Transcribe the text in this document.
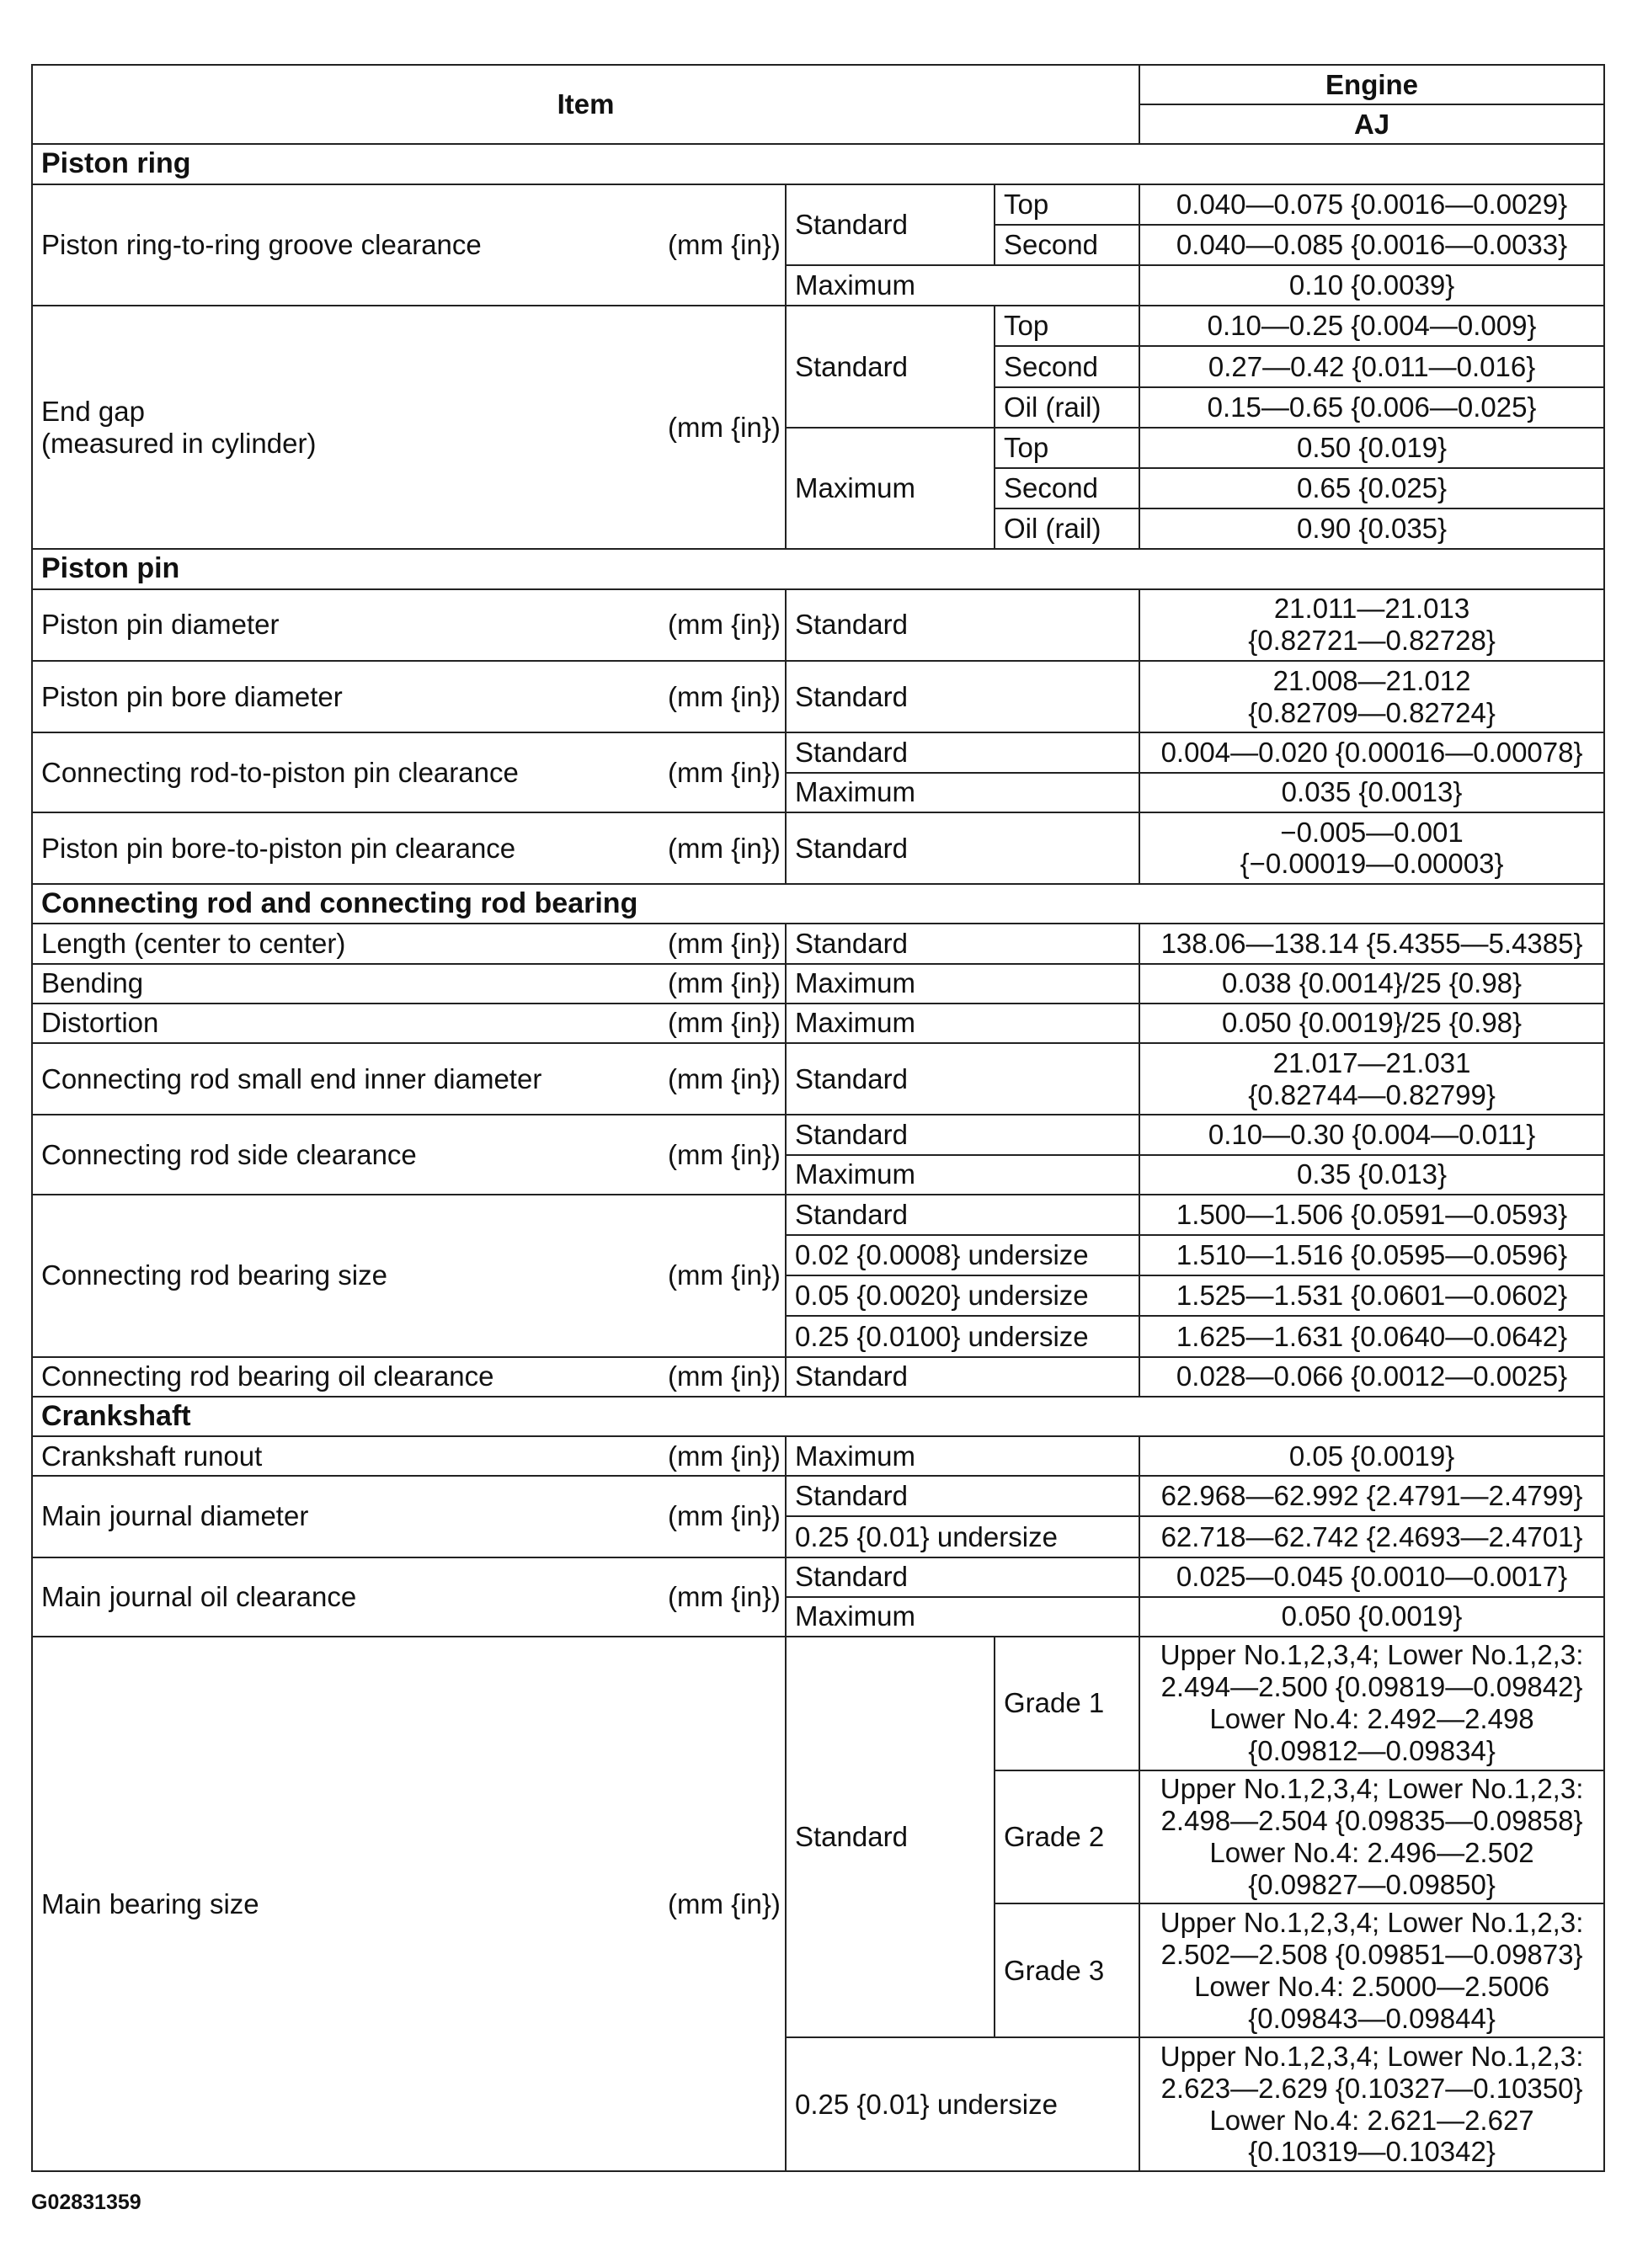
Item				Engine
				AJ
Piston ring				
Piston ring-to-ring groove clearance	(mm {in})	Standard	Top	0.040—0.075 {0.0016—0.0029}
			Second	0.040—0.085 {0.0016—0.0033}
		Maximum		0.10 {0.0039}
End gap
(measured in cylinder)	(mm {in})	Standard	Top	0.10—0.25 {0.004—0.009}
			Second	0.27—0.42 {0.011—0.016}
			Oil (rail)	0.15—0.65 {0.006—0.025}
		Maximum	Top	0.50 {0.019}
			Second	0.65 {0.025}
			Oil (rail)	0.90 {0.035}
Piston pin				
Piston pin diameter	(mm {in})	Standard		21.011—21.013
{0.82721—0.82728}
Piston pin bore diameter	(mm {in})	Standard		21.008—21.012
{0.82709—0.82724}
Connecting rod-to-piston pin clearance	(mm {in})	Standard		0.004—0.020 {0.00016—0.00078}
		Maximum		0.035 {0.0013}
Piston pin bore-to-piston pin clearance	(mm {in})	Standard		−0.005—0.001
{−0.00019—0.00003}
Connecting rod and connecting rod bearing				
Length (center to center)	(mm {in})	Standard		138.06—138.14 {5.4355—5.4385}
Bending	(mm {in})	Maximum		0.038 {0.0014}/25 {0.98}
Distortion	(mm {in})	Maximum		0.050 {0.0019}/25 {0.98}
Connecting rod small end inner diameter	(mm {in})	Standard		21.017—21.031
{0.82744—0.82799}
Connecting rod side clearance	(mm {in})	Standard		0.10—0.30 {0.004—0.011}
		Maximum		0.35 {0.013}
Connecting rod bearing size	(mm {in})	Standard		1.500—1.506 {0.0591—0.0593}
		0.02 {0.0008} undersize		1.510—1.516 {0.0595—0.0596}
		0.05 {0.0020} undersize		1.525—1.531 {0.0601—0.0602}
		0.25 {0.0100} undersize		1.625—1.631 {0.0640—0.0642}
Connecting rod bearing oil clearance	(mm {in})	Standard		0.028—0.066 {0.0012—0.0025}
Crankshaft				
Crankshaft runout	(mm {in})	Maximum		0.05 {0.0019}
Main journal diameter	(mm {in})	Standard		62.968—62.992 {2.4791—2.4799}
		0.25 {0.01} undersize		62.718—62.742 {2.4693—2.4701}
Main journal oil clearance	(mm {in})	Standard		0.025—0.045 {0.0010—0.0017}
		Maximum		0.050 {0.0019}
Main bearing size	(mm {in})	Standard	Grade 1	Upper No.1,2,3,4; Lower No.1,2,3:
2.494—2.500 {0.09819—0.09842}
Lower No.4: 2.492—2.498
{0.09812—0.09834}
			Grade 2	Upper No.1,2,3,4; Lower No.1,2,3:
2.498—2.504 {0.09835—0.09858}
Lower No.4: 2.496—2.502
{0.09827—0.09850}
			Grade 3	Upper No.1,2,3,4; Lower No.1,2,3:
2.502—2.508 {0.09851—0.09873}
Lower No.4: 2.5000—2.5006
{0.09843—0.09844}
		0.25 {0.01} undersize		Upper No.1,2,3,4; Lower No.1,2,3:
2.623—2.629 {0.10327—0.10350}
Lower No.4: 2.621—2.627
{0.10319—0.10342}
G02831359
